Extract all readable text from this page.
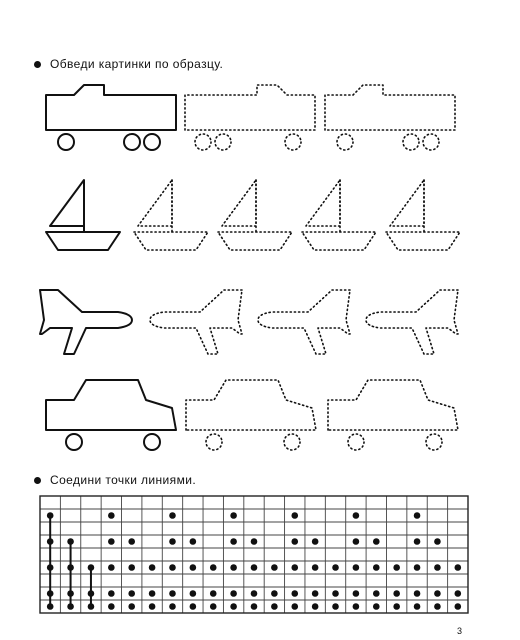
Обведи картинки по образцу.
Соедини точки линиями.
3
